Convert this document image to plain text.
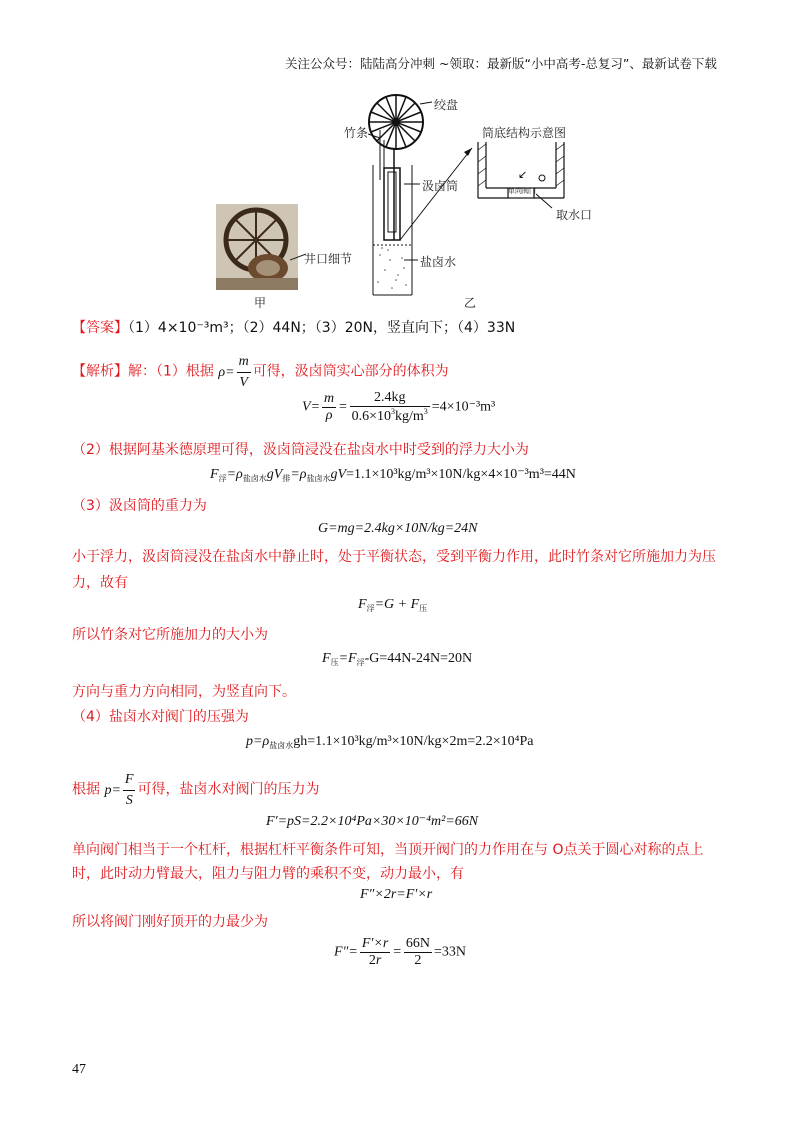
关注公众号：陆陆高分冲刺 ~领取：最新版“小中高考-总复习”、最新试卷下载
井口细节
甲
↙
绞盘
竹条
汲卤筒
盐卤水
筒底结构示意图
单向阀门
取水口
乙
【答案】（1）4×10⁻³m³；（2）44N；（3）20N，竖直向下；（4）33N
【解析】解：（1）根据 $\rho= \frac{m}{V}$ 可得，汲卤筒实心部分的体积为
$V= \frac{m}{\rho} = \frac{2.4kg}{0.6\times 10^3kg/m^3} =4\times 10^{-3}m^3$
（2）根据阿基米德原理可得，汲卤筒浸没在盐卤水中时受到的浮力大小为
$F_浮=\rho_{盐卤水}gV_排=\rho_{盐卤水}gV=1.1\times 10^3kg/m^3\times 10N/kg\times 4\times 10^{-3}m^3=44N$
（3）汲卤筒的重力为
G=mg=2.4kg×10N/kg=24N
小于浮力，汲卤筒浸没在盐卤水中静止时，处于平衡状态，受到平衡力作用，此时竹条对它所施加力为压
力，故有
$F_浮=G + F_压$
所以竹条对它所施加力的大小为
$F_压=F_浮-G=44N-24N=20N$
方向与重力方向相同，为竖直向下。
（4）盐卤水对阀门的压强为
$p=\rho_{盐卤水}gh=1.1\times 10^3kg/m^3\times 10N/kg\times 2m=2.2\times 10^4Pa$
根据 $p= \frac{F}{S}$ 可得，盐卤水对阀门的压力为
F′=pS=2.2×10⁴Pa×30×10⁻⁴m²=66N
单向阀门相当于一个杠杆，根据杠杆平衡条件可知，当顶开阀门的力作用在与 O点关于圆心对称的点上
时，此时动力臂最大，阻力与阻力臂的乘积不变，动力最小，有
F″×2r=F′×r
所以将阀门刚好顶开的力最少为
$F''= \frac{F'\times r}{2r} = \frac{66N}{2} =33N$
47
